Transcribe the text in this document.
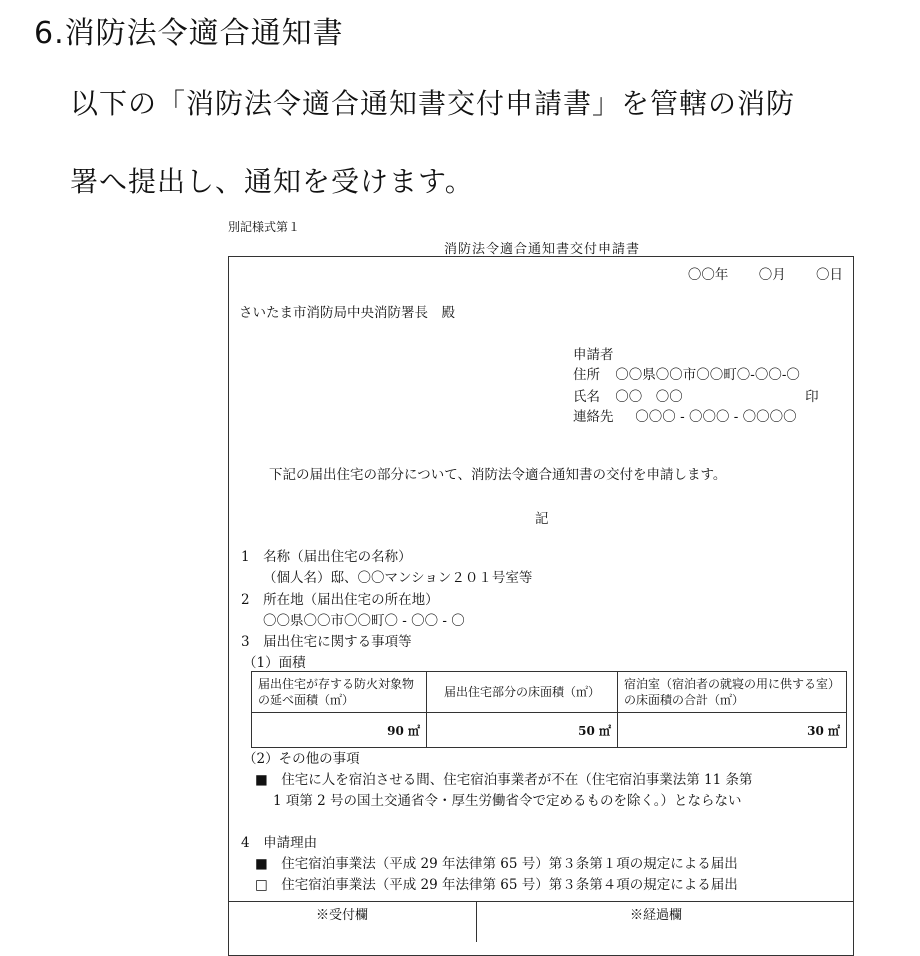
6.消防法令適合通知書
以下の「消防法令適合通知書交付申請書」を管轄の消防
署へ提出し、通知を受けます。
別記様式第１
消防法令適合通知書交付申請書
〇〇年 〇月 〇日
さいたま市消防局中央消防署長　殿
申請者
住所 〇〇県〇〇市〇〇町〇-〇〇-〇
氏名 〇〇　〇〇	印
連絡先 〇〇〇 - 〇〇〇 - 〇〇〇〇
下記の届出住宅の部分について、消防法令適合通知書の交付を申請します。
記
1　名称（届出住宅の名称）
（個人名）邸、〇〇マンション２０１号室等
2　所在地（届出住宅の所在地）
〇〇県〇〇市〇〇町〇 - 〇〇 - 〇
3　届出住宅に関する事項等
（1）面積
届出住宅が存する防火対象物の延べ面積（㎡）	届出住宅部分の床面積（㎡）	宿泊室（宿泊者の就寝の用に供する室）の床面積の合計（㎡）
90 ㎡	50 ㎡	30 ㎡
（2）その他の事項
■　住宅に人を宿泊させる間、住宅宿泊事業者が不在（住宅宿泊事業法第 11 条第
1 項第 2 号の国土交通省令・厚生労働省令で定めるものを除く。）とならない
4　申請理由
■　住宅宿泊事業法（平成 29 年法律第 65 号）第３条第１項の規定による届出
□　住宅宿泊事業法（平成 29 年法律第 65 号）第３条第４項の規定による届出
※受付欄	※経過欄
